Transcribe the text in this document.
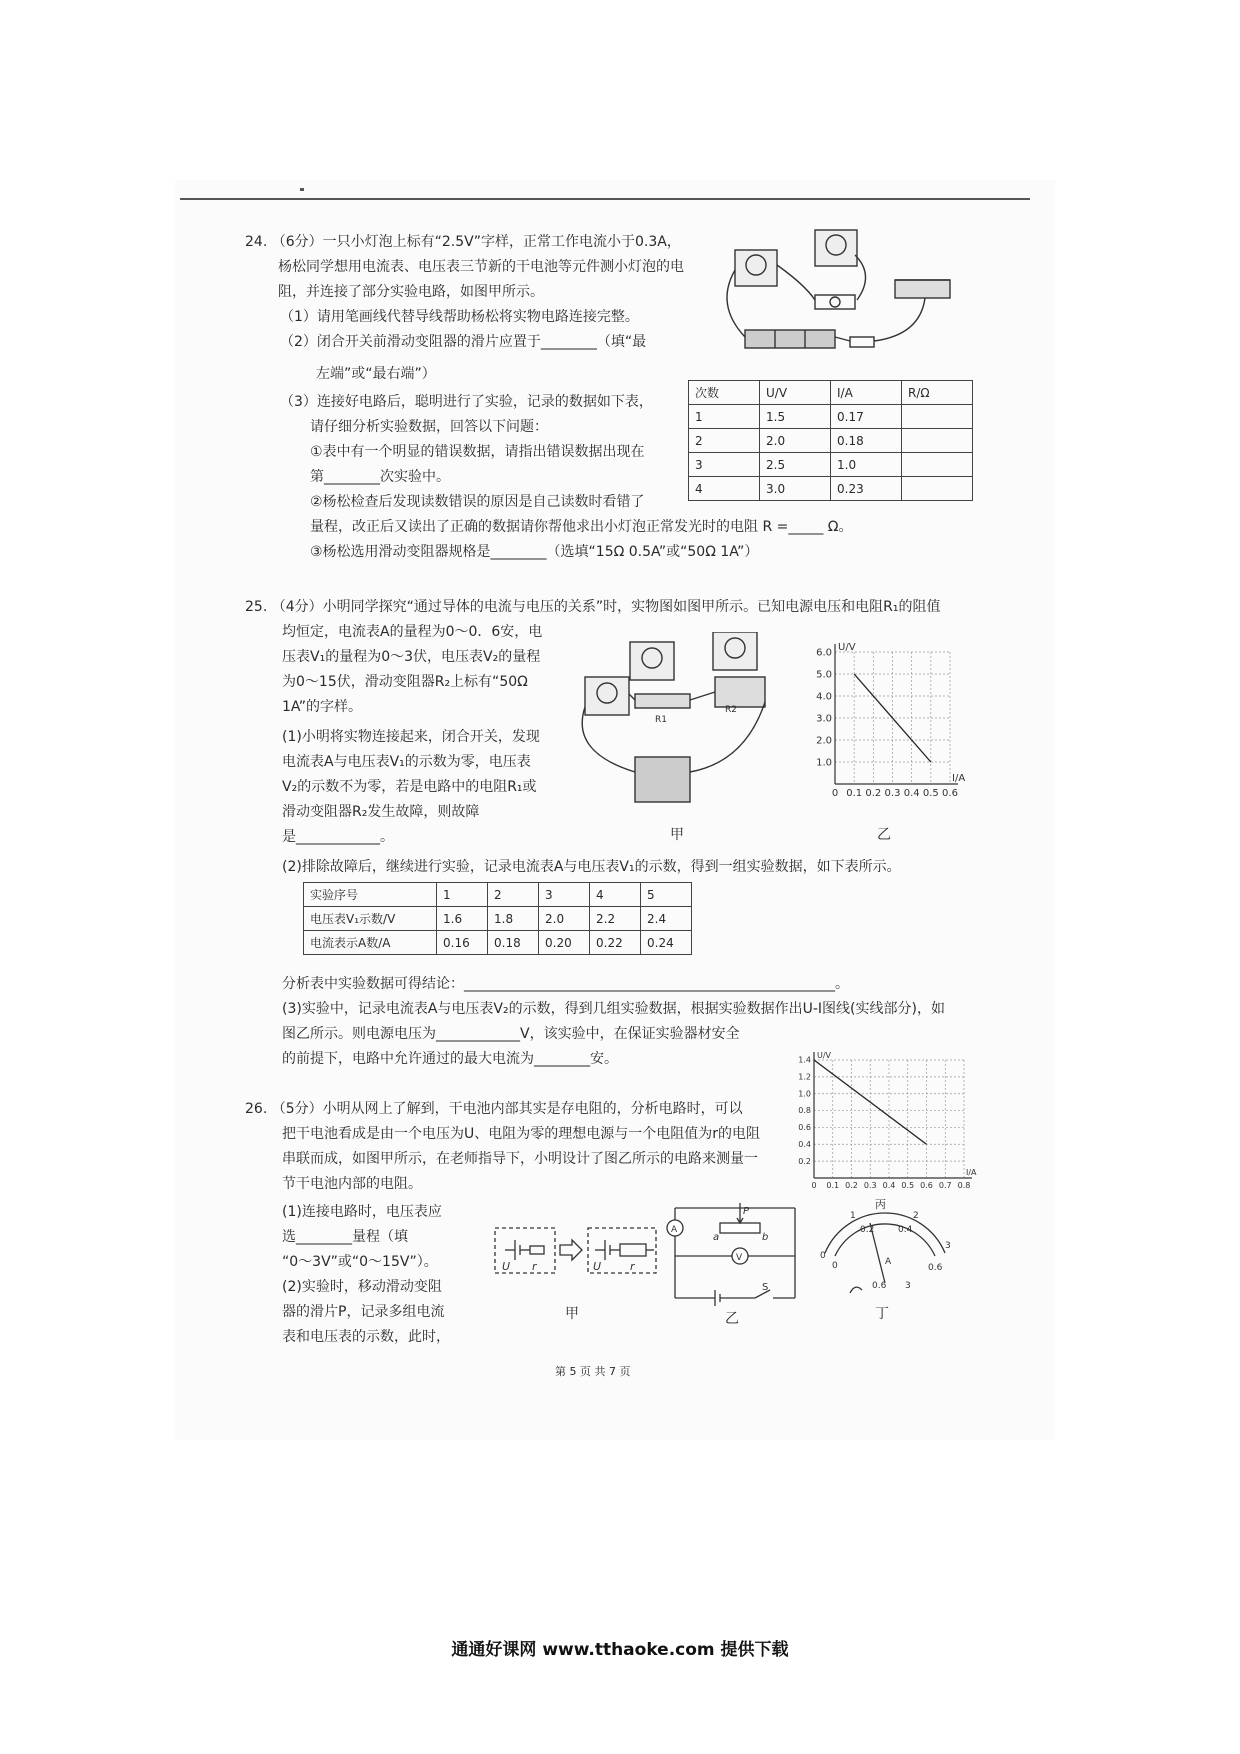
24. （6分）一只小灯泡上标有“2.5V”字样，正常工作电流小于0.3A，
杨松同学想用电流表、电压表三节新的干电池等元件测小灯泡的电
阻，并连接了部分实验电路，如图甲所示。
（1）请用笔画线代替导线帮助杨松将实物电路连接完整。
（2）闭合开关前滑动变阻器的滑片应置于________（填“最
左端”或“最右端”）
（3）连接好电路后，聪明进行了实验，记录的数据如下表，
请仔细分析实验数据，回答以下问题：
①表中有一个明显的错误数据，请指出错误数据出现在
第________次实验中。
②杨松检查后发现读数错误的原因是自己读数时看错了
量程，改正后又读出了正确的数据请你帮他求出小灯泡正常发光时的电阻 R =_____ Ω。
③杨松选用滑动变阻器规格是________（选填“15Ω 0.5A”或“50Ω 1A”）
次数	U/V	I/A	R/Ω
1	1.5	0.17	
2	2.0	0.18	
3	2.5	1.0	
4	3.0	0.23	
25. （4分）小明同学探究“通过导体的电流与电压的关系”时，实物图如图甲所示。已知电源电压和电阻R₁的阻值
均恒定，电流表A的量程为0～0．6安，电
压表V₁的量程为0～3伏，电压表V₂的量程
为0～15伏，滑动变阻器R₂上标有“50Ω
1A”的字样。
(1)小明将实物连接起来，闭合开关，发现
电流表A与电压表V₁的示数为零，电压表
V₂的示数不为零，若是电路中的电阻R₁或
滑动变阻器R₂发生故障，则故障
是____________。
R1
R2
甲
0 0.1 0.2 0.3 0.4 0.5 0.6
1.0
2.0
3.0
4.0
5.0
6.0
I/A
U/V
乙
(2)排除故障后，继续进行实验，记录电流表A与电压表V₁的示数，得到一组实验数据，如下表所示。
实验序号	1	2	3	4	5
电压表V₁示数/V	1.6	1.8	2.0	2.2	2.4
电流表示A数/A	0.16	0.18	0.20	0.22	0.24
分析表中实验数据可得结论：_____________________________________________________。
(3)实验中，记录电流表A与电压表V₂的示数，得到几组实验数据，根据实验数据作出U-I图线(实线部分)，如
图乙所示。则电源电压为____________V，该实验中，在保证实验器材安全
的前提下，电路中允许通过的最大电流为________安。
26. （5分）小明从网上了解到，干电池内部其实是存电阻的，分析电路时，可以
把干电池看成是由一个电压为U、电阻为零的理想电源与一个电阻值为r的电阻
串联而成，如图甲所示，在老师指导下，小明设计了图乙所示的电路来测量一
节干电池内部的电阻。
(1)连接电路时，电压表应
选________量程（填
“0～3V”或“0～15V”）。
(2)实验时，移动滑动变阻
器的滑片P，记录多组电流
表和电压表的示数，此时，
0 0.1 0.2 0.3 0.4 0.5 0.6 0.7 0.8
0.2
0.4
0.6
0.8
1.0
1.2
1.4
I/A
U/V
丙
U r	U	r
甲
A
V
P
a	b
S
乙
0
1	2
3
0
0.2	0.4
0.6
A
0.6 3
丁
第 5 页 共 7 页
通通好课网 www.tthaoke.com 提供下载
